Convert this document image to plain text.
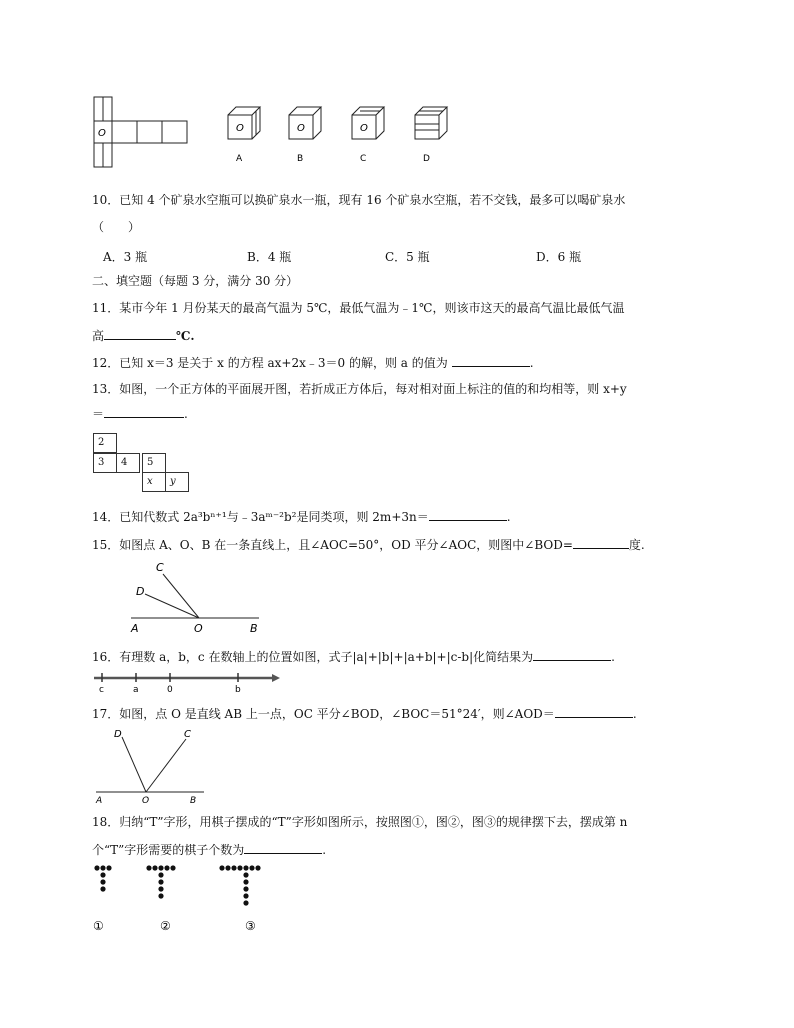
O	O
A
O
B
O
C	D
10．已知 4 个矿泉水空瓶可以换矿泉水一瓶，现有 16 个矿泉水空瓶，若不交钱，最多可以喝矿泉水
（　　）
A．3 瓶	B．4 瓶	C．5 瓶	D．6 瓶
二、填空题（每题 3 分，满分 30 分）
11．某市今年 1 月份某天的最高气温为 5℃，最低气温为﹣1℃，则该市这天的最高气温比最低气温
高	℃.
12．已知 x＝3 是关于 x 的方程 ax+2x﹣3＝0 的解，则 a 的值为	.
13．如图，一个正方体的平面展开图，若折成正方体后，每对相对面上标注的值的和均相等，则 x+y
＝	.
2
3 4 5
x y
14．已知代数式 2a³bⁿ⁺¹与﹣3aᵐ⁻²b²是同类项，则 2m+3n＝	.
15．如图点 A、O、B 在一条直线上，且∠AOC=50°，OD 平分∠AOC，则图中∠BOD=	度.
C
D
A	O	B
16．有理数 a，b，c 在数轴上的位置如图，式子|a|+|b|+|a+b|+|c-b|化简结果为	.
c	a	0	b
17．如图，点 O 是直线 AB 上一点，OC 平分∠BOD，∠BOC＝51°24′，则∠AOD＝	.
D	C
A	O	B
18．归纳“T”字形，用棋子摆成的“T”字形如图所示，按照图①，图②，图③的规律摆下去，摆成第 n
个“T”字形需要的棋子个数为	.
①	②	③
